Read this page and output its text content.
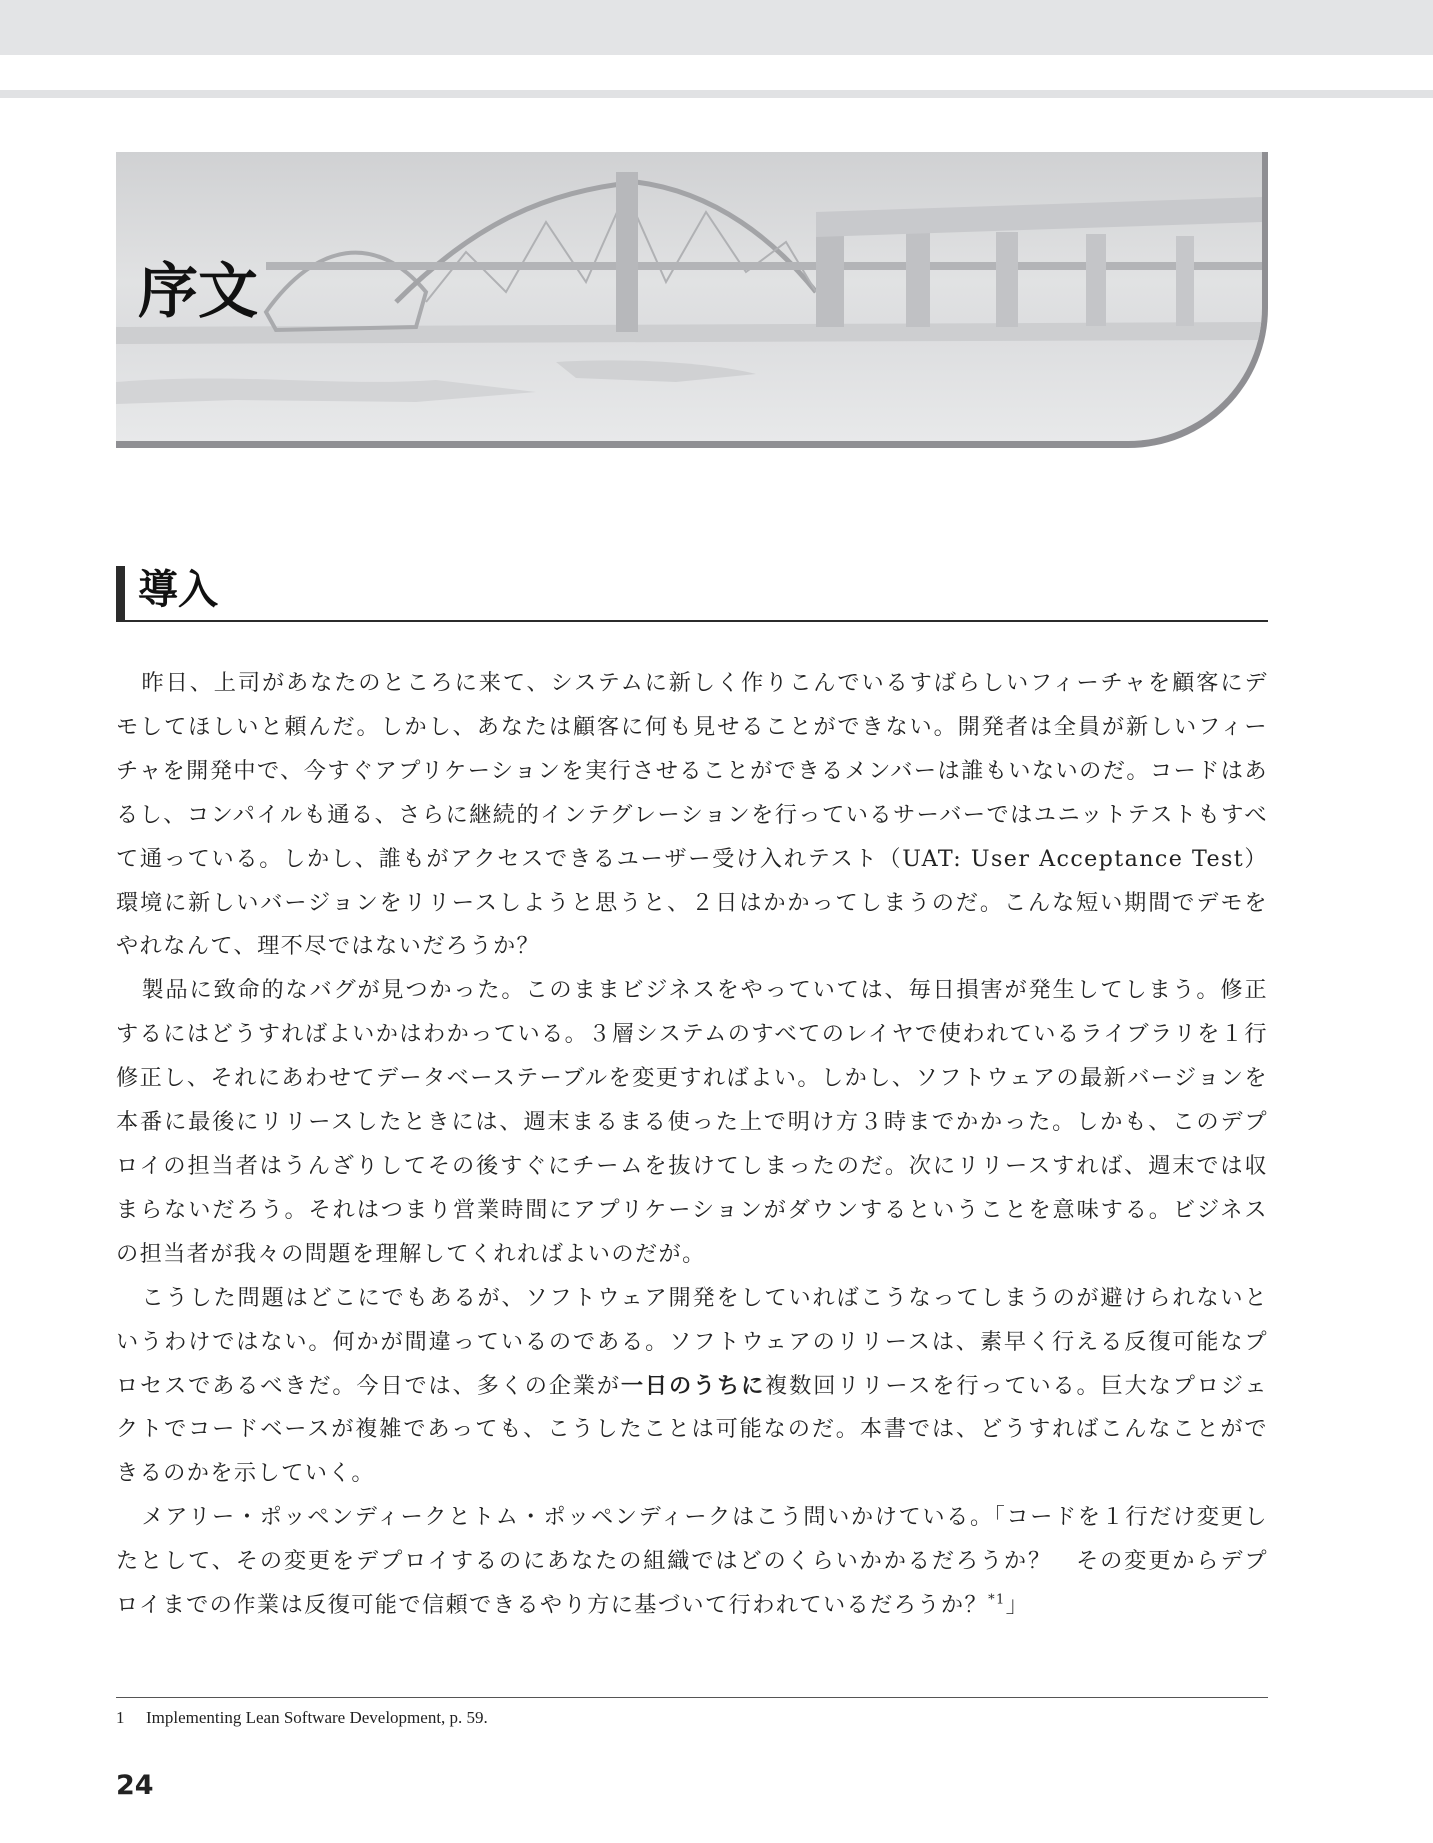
序文
導入

昨日、上司があなたのところに来て、システムに新しく作りこんでいるすばらしいフィーチャを顧客にデモしてほしいと頼んだ。しかし、あなたは顧客に何も見せることができない。開発者は全員が新しいフィーチャを開発中で、今すぐアプリケーションを実行させることができるメンバーは誰もいないのだ。コードはあるし、コンパイルも通る、さらに継続的インテグレーションを行っているサーバーではユニットテストもすべて通っている。しかし、誰もがアクセスできるユーザー受け入れテスト（UAT: User Acceptance Test）環境に新しいバージョンをリリースしようと思うと、２日はかかってしまうのだ。こんな短い期間でデモをやれなんて、理不尽ではないだろうか？

製品に致命的なバグが見つかった。このままビジネスをやっていては、毎日損害が発生してしまう。修正するにはどうすればよいかはわかっている。３層システムのすべてのレイヤで使われているライブラリを１行修正し、それにあわせてデータベーステーブルを変更すればよい。しかし、ソフトウェアの最新バージョンを本番に最後にリリースしたときには、週末まるまる使った上で明け方３時までかかった。しかも、このデプロイの担当者はうんざりしてその後すぐにチームを抜けてしまったのだ。次にリリースすれば、週末では収まらないだろう。それはつまり営業時間にアプリケーションがダウンするということを意味する。ビジネスの担当者が我々の問題を理解してくれればよいのだが。

こうした問題はどこにでもあるが、ソフトウェア開発をしていればこうなってしまうのが避けられないというわけではない。何かが間違っているのである。ソフトウェアのリリースは、素早く行える反復可能なプロセスであるべきだ。今日では、多くの企業が一日のうちに複数回リリースを行っている。巨大なプロジェクトでコードベースが複雑であっても、こうしたことは可能なのだ。本書では、どうすればこんなことができるのかを示していく。

メアリー・ポッペンディークとトム・ポッペンディークはこう問いかけている。「コードを１行だけ変更したとして、その変更をデプロイするのにあなたの組織ではどのくらいかかるだろうか？　その変更からデプロイまでの作業は反復可能で信頼できるやり方に基づいて行われているだろうか？$^{*1}$」

1 Implementing Lean Software Development, p. 59.
24
